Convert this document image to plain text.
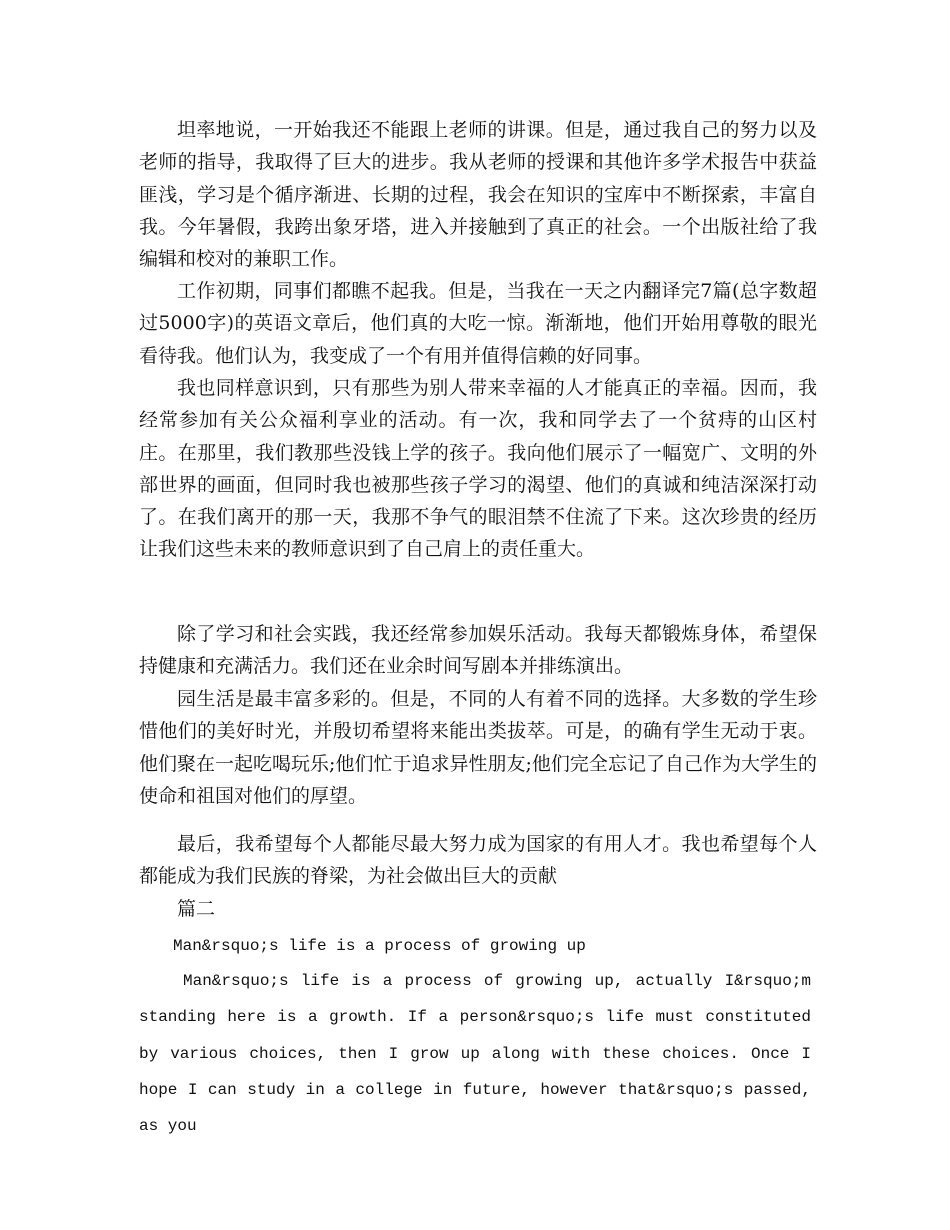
坦率地说，一开始我还不能跟上老师的讲课。但是，通过我自己的努力以及老师的指导，我取得了巨大的进步。我从老师的授课和其他许多学术报告中获益匪浅，学习是个循序渐进、长期的过程，我会在知识的宝库中不断探索，丰富自我。今年暑假，我跨出象牙塔，进入并接触到了真正的社会。一个出版社给了我编辑和校对的兼职工作。

工作初期，同事们都瞧不起我。但是，当我在一天之内翻译完7篇(总字数超过5000字)的英语文章后，他们真的大吃一惊。渐渐地，他们开始用尊敬的眼光看待我。他们认为，我变成了一个有用并值得信赖的好同事。

我也同样意识到，只有那些为别人带来幸福的人才能真正的幸福。因而，我经常参加有关公众福利享业的活动。有一次，我和同学去了一个贫痔的山区村庄。在那里，我们教那些没钱上学的孩子。我向他们展示了一幅宽广、文明的外部世界的画面，但同时我也被那些孩子学习的渴望、他们的真诚和纯洁深深打动了。在我们离开的那一天，我那不争气的眼泪禁不住流了下来。这次珍贵的经历让我们这些未来的教师意识到了自己肩上的责任重大。

除了学习和社会实践，我还经常参加娱乐活动。我每天都锻炼身体，希望保持健康和充满活力。我们还在业余时间写剧本并排练演出。

园生活是最丰富多彩的。但是，不同的人有着不同的选择。大多数的学生珍惜他们的美好时光，并殷切希望将来能出类拔萃。可是，的确有学生无动于衷。他们聚在一起吃喝玩乐;他们忙于追求异性朋友;他们完全忘记了自己作为大学生的使命和祖国对他们的厚望。

最后，我希望每个人都能尽最大努力成为国家的有用人才。我也希望每个人都能成为我们民族的脊梁，为社会做出巨大的贡献

篇二

Man&rsquo;s life is a process of growing up

Man&rsquo;s life is a process of growing up, actually I&rsquo;m standing here is a growth. If a person&rsquo;s life must constituted by various choices, then I grow up along with these choices. Once I hope I can study in a college in future, however that&rsquo;s passed, as you
